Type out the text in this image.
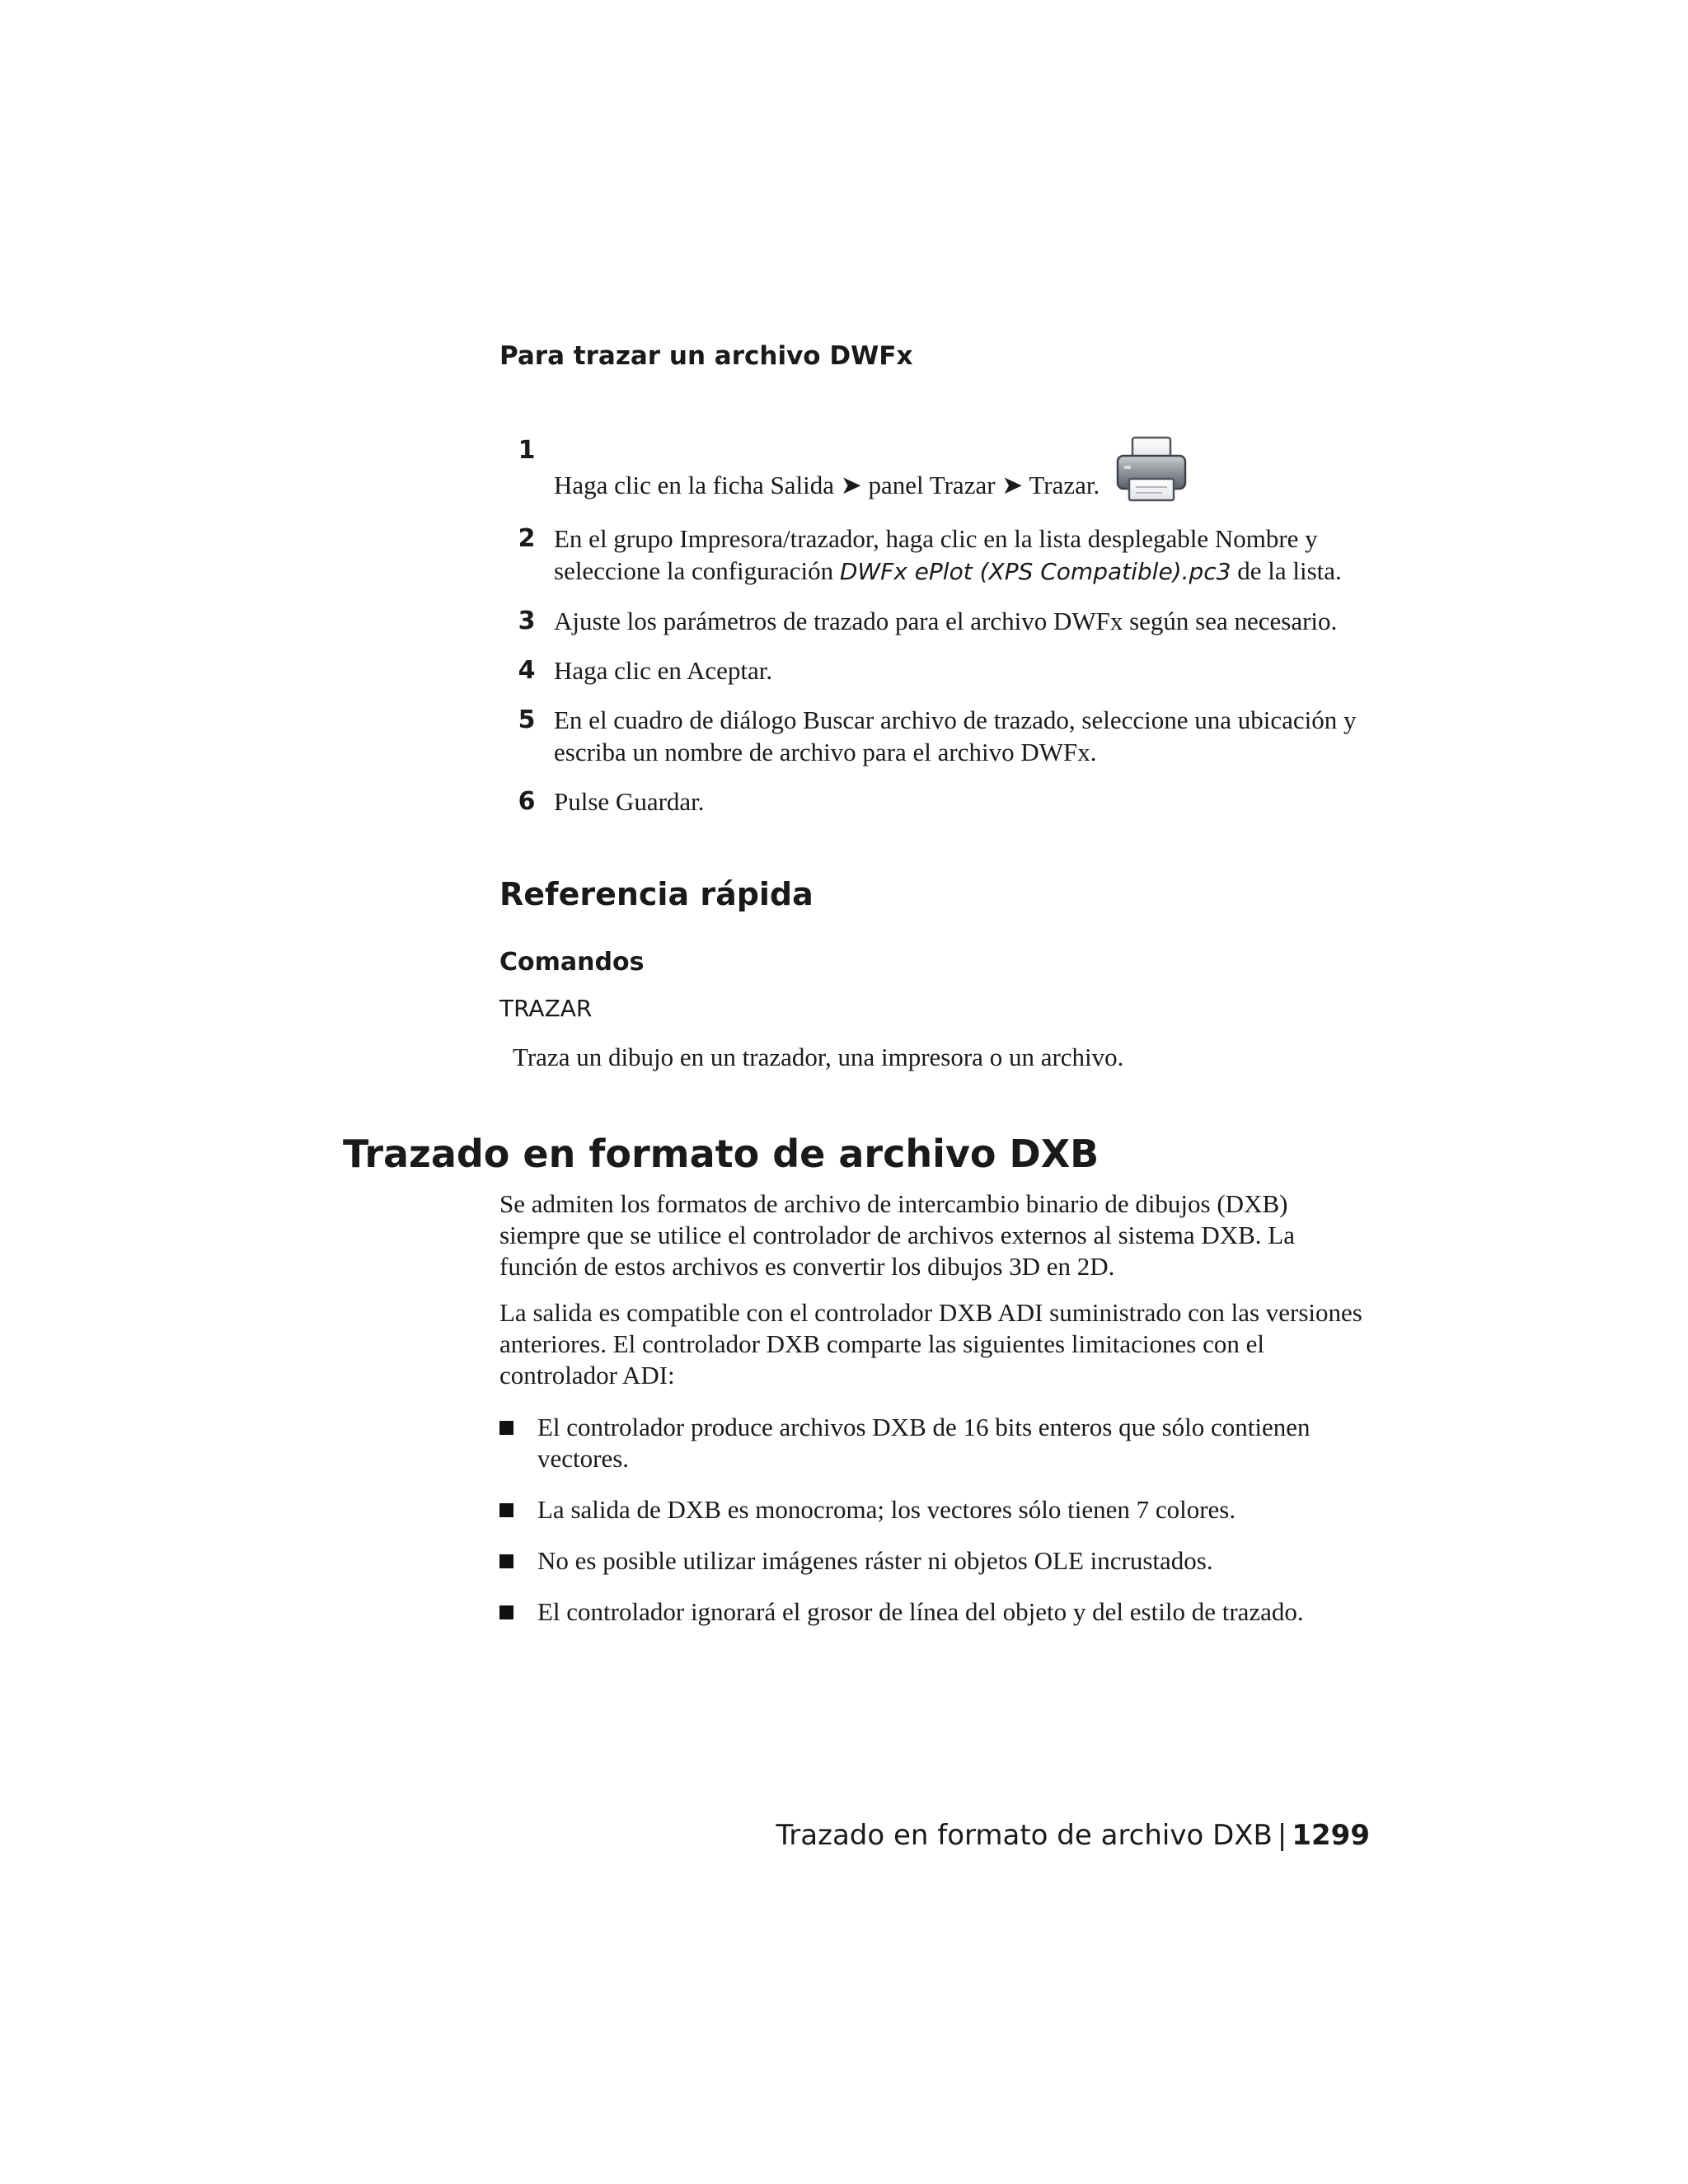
Para trazar un archivo DWFx
1
Haga clic en la ficha Salida ➤ panel Trazar ➤ Trazar.
2 En el grupo Impresora/trazador, haga clic en la lista desplegable Nombre y seleccione la configuración DWFx ePlot (XPS Compatible).pc3 de la lista.
3 Ajuste los parámetros de trazado para el archivo DWFx según sea necesario.
4 Haga clic en Aceptar.
5 En el cuadro de diálogo Buscar archivo de trazado, seleccione una ubicación y escriba un nombre de archivo para el archivo DWFx.
6 Pulse Guardar.
Referencia rápida
Comandos
TRAZAR
Traza un dibujo en un trazador, una impresora o un archivo.
Trazado en formato de archivo DXB
Se admiten los formatos de archivo de intercambio binario de dibujos (DXB) siempre que se utilice el controlador de archivos externos al sistema DXB. La función de estos archivos es convertir los dibujos 3D en 2D.
La salida es compatible con el controlador DXB ADI suministrado con las versiones anteriores. El controlador DXB comparte las siguientes limitaciones con el controlador ADI:
El controlador produce archivos DXB de 16 bits enteros que sólo contienen vectores.
La salida de DXB es monocroma; los vectores sólo tienen 7 colores.
No es posible utilizar imágenes ráster ni objetos OLE incrustados.
El controlador ignorará el grosor de línea del objeto y del estilo de trazado.
Trazado en formato de archivo DXB | 1299
